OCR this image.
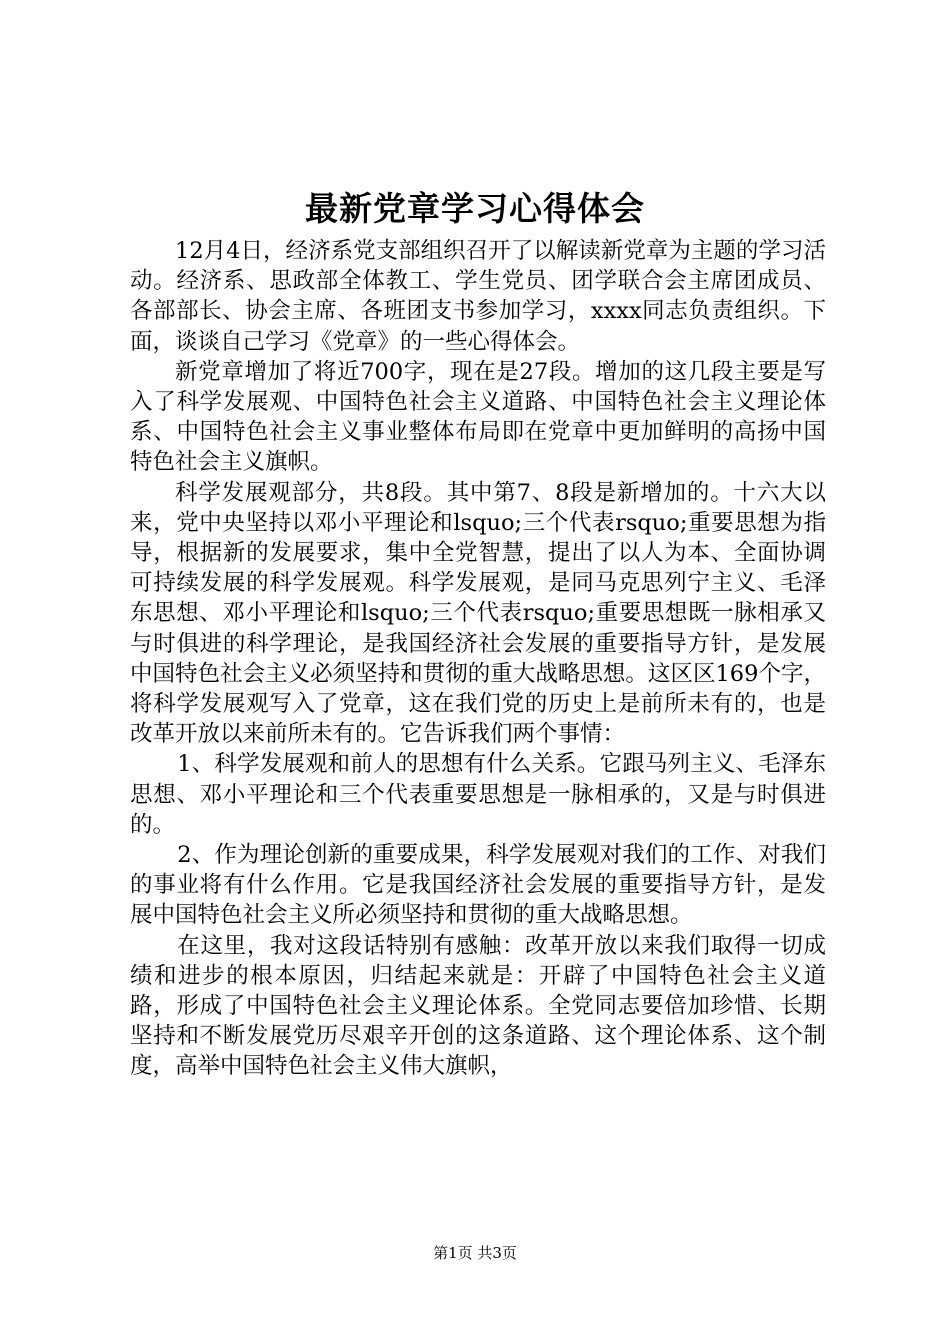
最新党章学习心得体会

12月4日，经济系党支部组织召开了以解读新党章为主题的学习活动。经济系、思政部全体教工、学生党员、团学联合会主席团成员、各部部长、协会主席、各班团支书参加学习，xxxx同志负责组织。下面，谈谈自己学习《党章》的一些心得体会。

新党章增加了将近700字，现在是27段。增加的这几段主要是写入了科学发展观、中国特色社会主义道路、中国特色社会主义理论体系、中国特色社会主义事业整体布局即在党章中更加鲜明的高扬中国特色社会主义旗帜。

科学发展观部分，共8段。其中第7、8段是新增加的。十六大以来，党中央坚持以邓小平理论和lsquo;三个代表rsquo;重要思想为指导，根据新的发展要求，集中全党智慧，提出了以人为本、全面协调可持续发展的科学发展观。科学发展观，是同马克思列宁主义、毛泽东思想、邓小平理论和lsquo;三个代表rsquo;重要思想既一脉相承又与时俱进的科学理论，是我国经济社会发展的重要指导方针，是发展中国特色社会主义必须坚持和贯彻的重大战略思想。这区区169个字，将科学发展观写入了党章，这在我们党的历史上是前所未有的，也是改革开放以来前所未有的。它告诉我们两个事情：

1、科学发展观和前人的思想有什么关系。它跟马列主义、毛泽东思想、邓小平理论和三个代表重要思想是一脉相承的，又是与时俱进的。

2、作为理论创新的重要成果，科学发展观对我们的工作、对我们的事业将有什么作用。它是我国经济社会发展的重要指导方针，是发展中国特色社会主义所必须坚持和贯彻的重大战略思想。

在这里，我对这段话特别有感触：改革开放以来我们取得一切成绩和进步的根本原因，归结起来就是：开辟了中国特色社会主义道路，形成了中国特色社会主义理论体系。全党同志要倍加珍惜、长期坚持和不断发展党历尽艰辛开创的这条道路、这个理论体系、这个制度，高举中国特色社会主义伟大旗帜，

第1页 共3页
